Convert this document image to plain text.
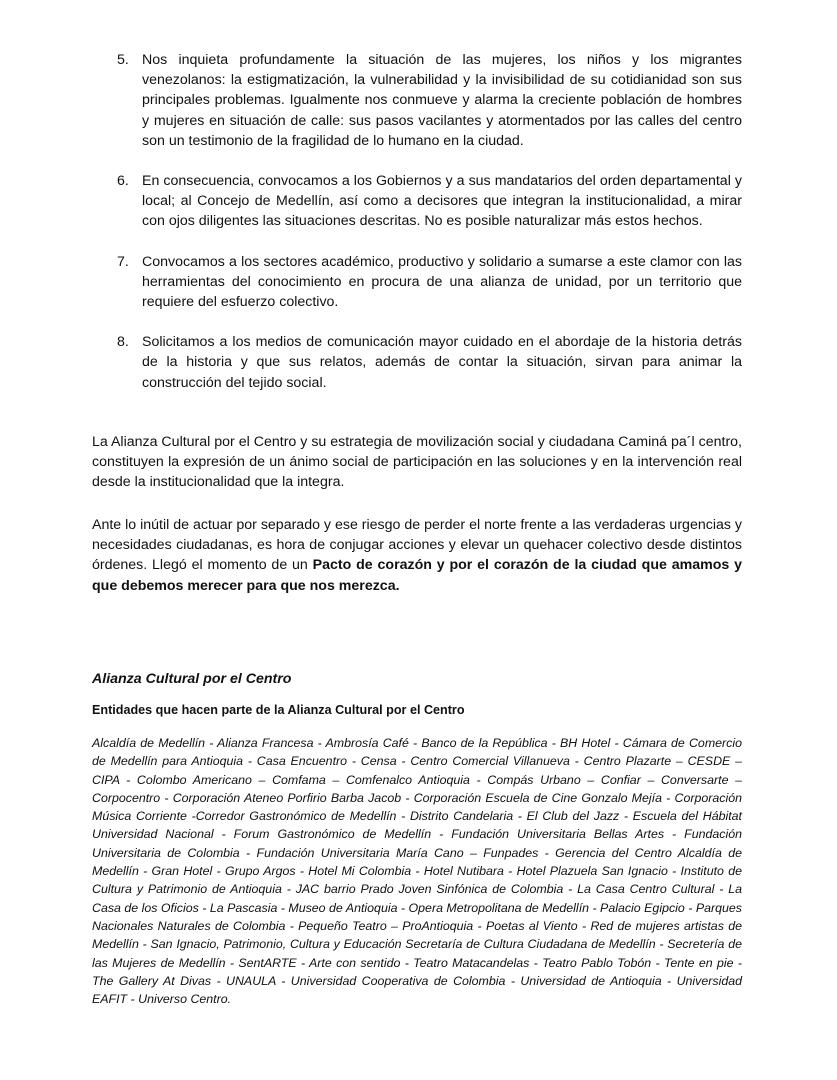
5. Nos inquieta profundamente la situación de las mujeres, los niños y los migrantes venezolanos: la estigmatización, la vulnerabilidad y la invisibilidad de su cotidianidad son sus principales problemas. Igualmente nos conmueve y alarma la creciente población de hombres y mujeres en situación de calle: sus pasos vacilantes y atormentados por las calles del centro son un testimonio de la fragilidad de lo humano en la ciudad.
6. En consecuencia, convocamos a los Gobiernos y a sus mandatarios del orden departamental y local; al Concejo de Medellín, así como a decisores que integran la institucionalidad, a mirar con ojos diligentes las situaciones descritas. No es posible naturalizar más estos hechos.
7. Convocamos a los sectores académico, productivo y solidario a sumarse a este clamor con las herramientas del conocimiento en procura de una alianza de unidad, por un territorio que requiere del esfuerzo colectivo.
8. Solicitamos a los medios de comunicación mayor cuidado en el abordaje de la historia detrás de la historia y que sus relatos, además de contar la situación, sirvan para animar la construcción del tejido social.

La Alianza Cultural por el Centro y su estrategia de movilización social y ciudadana Caminá pa´l centro, constituyen la expresión de un ánimo social de participación en las soluciones y en la intervención real desde la institucionalidad que la integra.

Ante lo inútil de actuar por separado y ese riesgo de perder el norte frente a las verdaderas urgencias y necesidades ciudadanas, es hora de conjugar acciones y elevar un quehacer colectivo desde distintos órdenes. Llegó el momento de un Pacto de corazón y por el corazón de la ciudad que amamos y que debemos merecer para que nos merezca.

Alianza Cultural por el Centro
Entidades que hacen parte de la Alianza Cultural por el Centro

Alcaldía de Medellín - Alianza Francesa - Ambrosía Café - Banco de la República - BH Hotel - Cámara de Comercio de Medellín para Antioquia - Casa Encuentro - Censa - Centro Comercial Villanueva - Centro Plazarte – CESDE – CIPA - Colombo Americano – Comfama – Comfenalco Antioquia - Compás Urbano – Confiar – Conversarte – Corpocentro - Corporación Ateneo Porfirio Barba Jacob - Corporación Escuela de Cine Gonzalo Mejía - Corporación Música Corriente -Corredor Gastronómico de Medellín - Distrito Candelaria - El Club del Jazz - Escuela del Hábitat Universidad Nacional - Forum Gastronómico de Medellín - Fundación Universitaria Bellas Artes - Fundación Universitaria de Colombia - Fundación Universitaria María Cano – Funpades - Gerencia del Centro Alcaldía de Medellín - Gran Hotel - Grupo Argos - Hotel Mi Colombia - Hotel Nutibara - Hotel Plazuela San Ignacio - Instituto de Cultura y Patrimonio de Antioquia - JAC barrio Prado Joven Sinfónica de Colombia - La Casa Centro Cultural - La Casa de los Oficios - La Pascasia - Museo de Antioquia - Opera Metropolitana de Medellín - Palacio Egipcio - Parques Nacionales Naturales de Colombia - Pequeño Teatro – ProAntioquia - Poetas al Viento - Red de mujeres artistas de Medellín - San Ignacio, Patrimonio, Cultura y Educación Secretaría de Cultura Ciudadana de Medellín - Secretería de las Mujeres de Medellín - SentARTE - Arte con sentido - Teatro Matacandelas - Teatro Pablo Tobón - Tente en pie - The Gallery At Divas - UNAULA - Universidad Cooperativa de Colombia - Universidad de Antioquia - Universidad EAFIT - Universo Centro.
